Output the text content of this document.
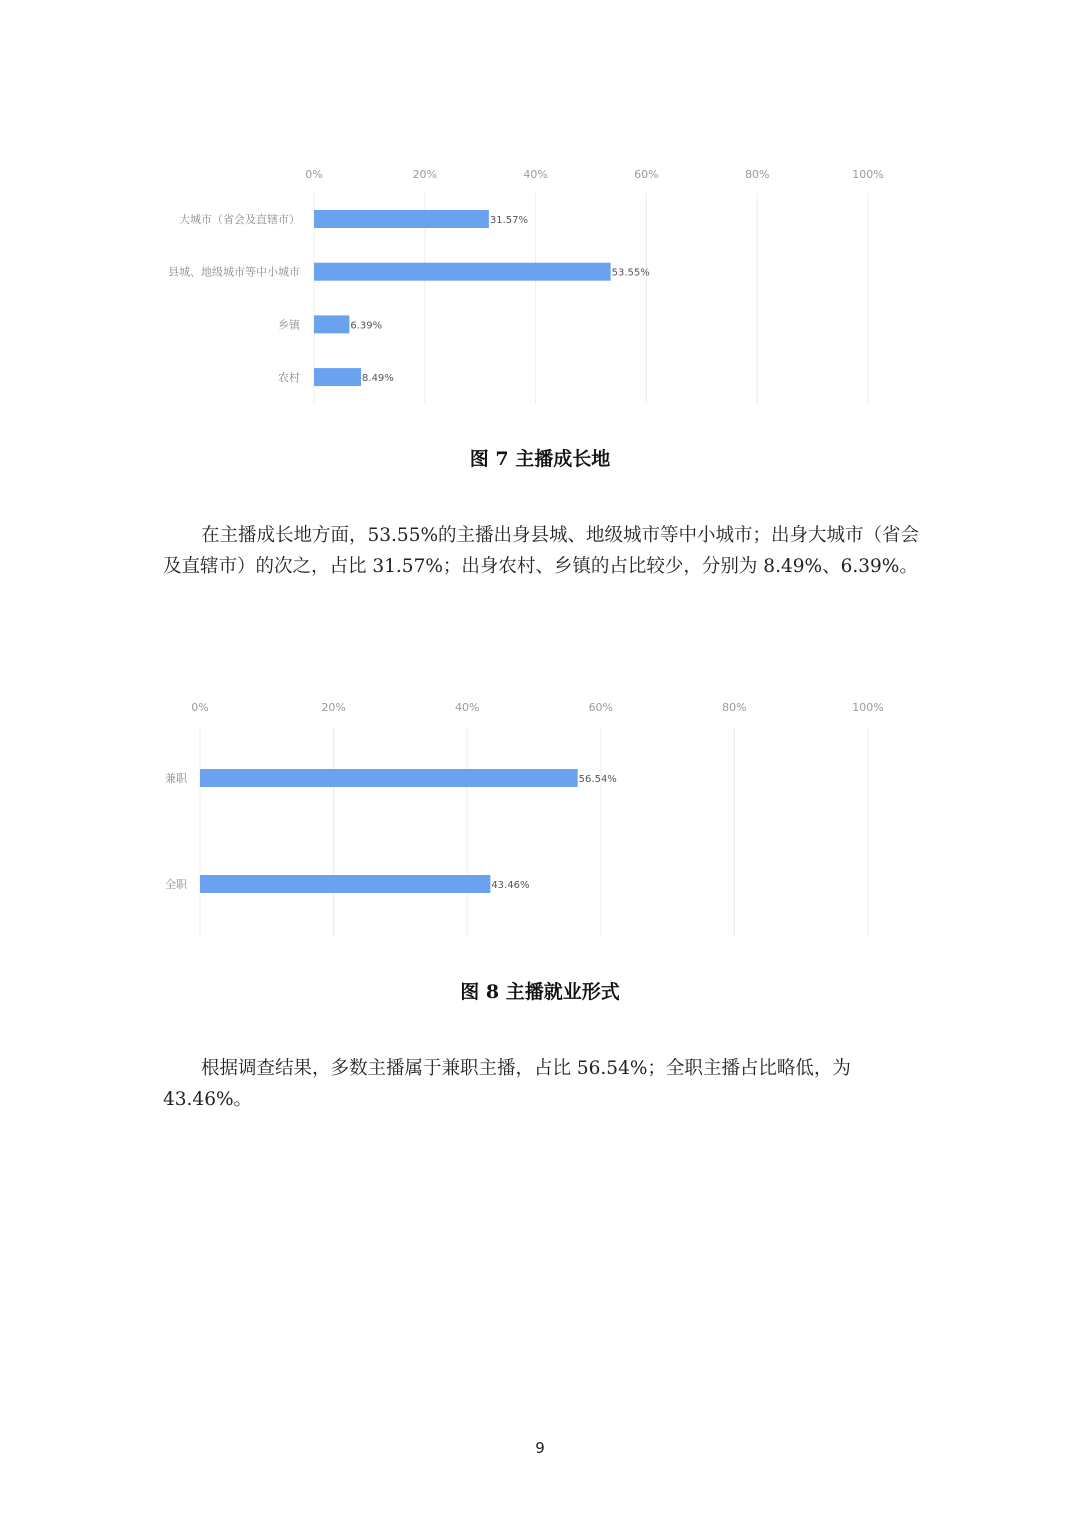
0%	20%	40%	60%	80%	100%
大城市（省会及直辖市）	31.57%
县城、地级城市等中小城市	53.55%
乡镇	6.39%
农村	8.49%
图 7 主播成长地

在主播成长地方面，53.55%的主播出身县城、地级城市等中小城市；出身大城市（省会及直辖市）的次之，占比 31.57%；出身农村、乡镇的占比较少，分别为 8.49%、6.39%。

0%	20%	40%	60%	80%	100%
兼职	56.54%
全职	43.46%
图 8 主播就业形式

根据调查结果，多数主播属于兼职主播，占比 56.54%；全职主播占比略低，为 43.46%。

9
